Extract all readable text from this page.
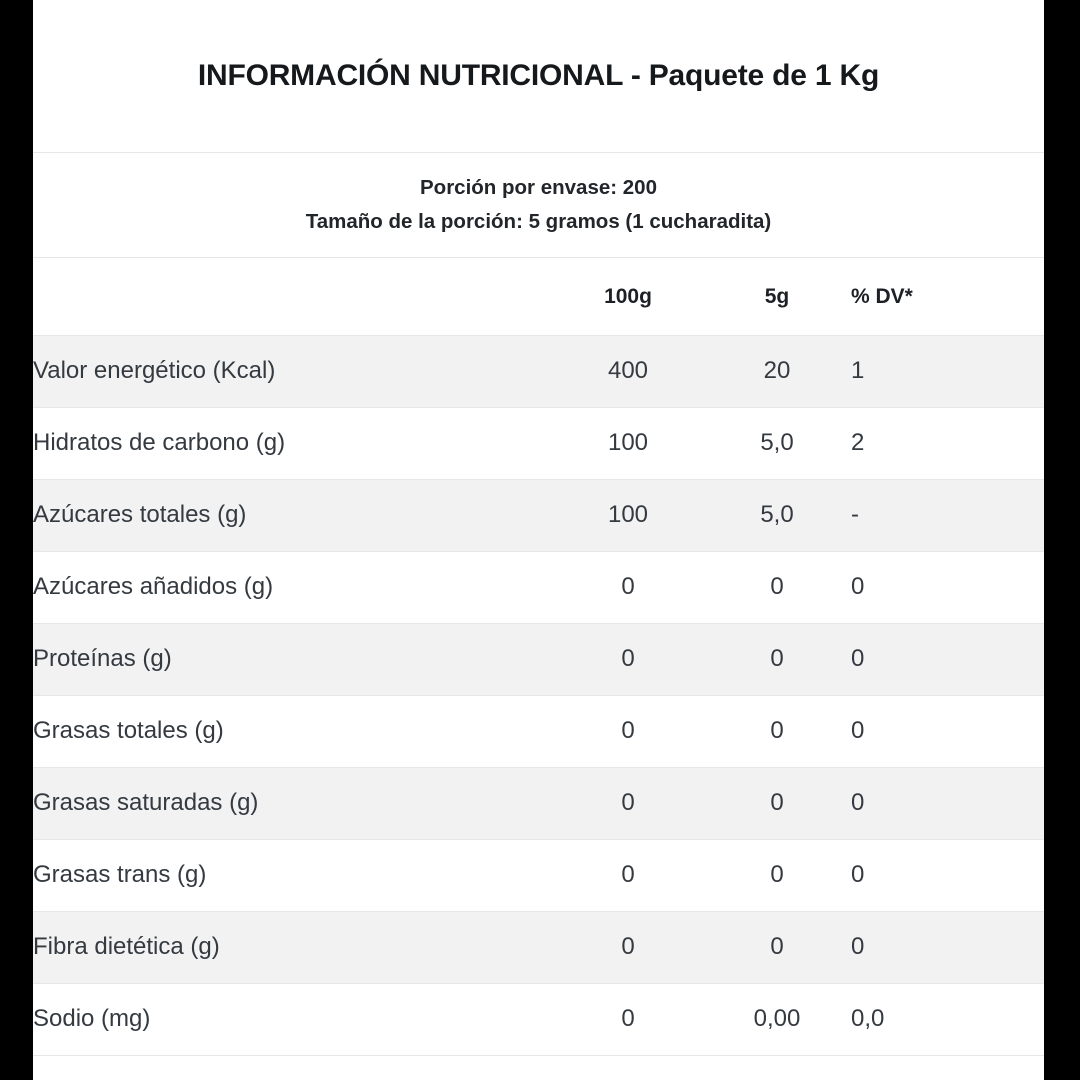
INFORMACIÓN NUTRICIONAL - Paquete de 1 Kg
Porción por envase: 200
Tamaño de la porción: 5 gramos (1 cucharadita)
	100g	5g	% DV*
Valor energético (Kcal)	400	20	1
Hidratos de carbono (g)	100	5,0	2
Azúcares totales (g)	100	5,0	-
Azúcares añadidos (g)	0	0	0
Proteínas (g)	0	0	0
Grasas totales (g)	0	0	0
Grasas saturadas (g)	0	0	0
Grasas trans (g)	0	0	0
Fibra dietética (g)	0	0	0
Sodio (mg)	0	0,00	0,0
